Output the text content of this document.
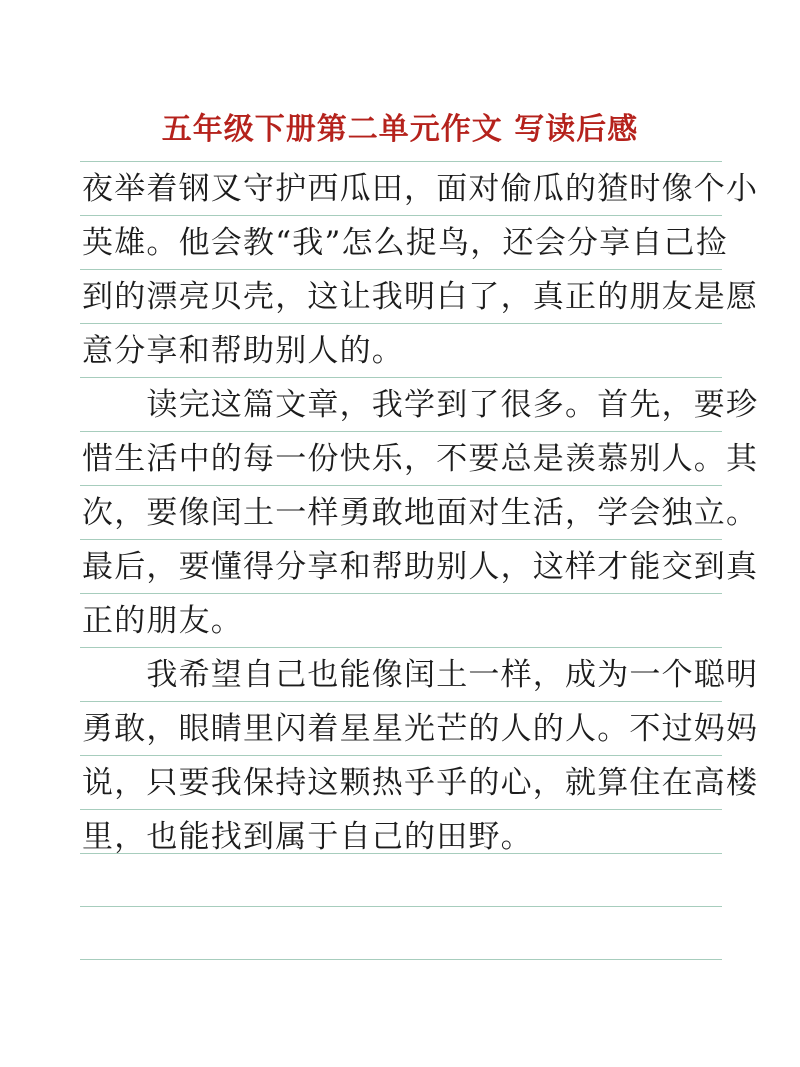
五年级下册第二单元作文 写读后感
夜举着钢叉守护西瓜田，面对偷瓜的猹时像个小
英雄。他会教“我”怎么捉鸟，还会分享自己捡
到的漂亮贝壳，这让我明白了，真正的朋友是愿
意分享和帮助别人的。
　　读完这篇文章，我学到了很多。首先，要珍
惜生活中的每一份快乐，不要总是羡慕别人。其
次，要像闰土一样勇敢地面对生活，学会独立。
最后，要懂得分享和帮助别人，这样才能交到真
正的朋友。
　　我希望自己也能像闰土一样，成为一个聪明
勇敢，眼睛里闪着星星光芒的人的人。不过妈妈
说，只要我保持这颗热乎乎的心，就算住在高楼
里，也能找到属于自己的田野。
